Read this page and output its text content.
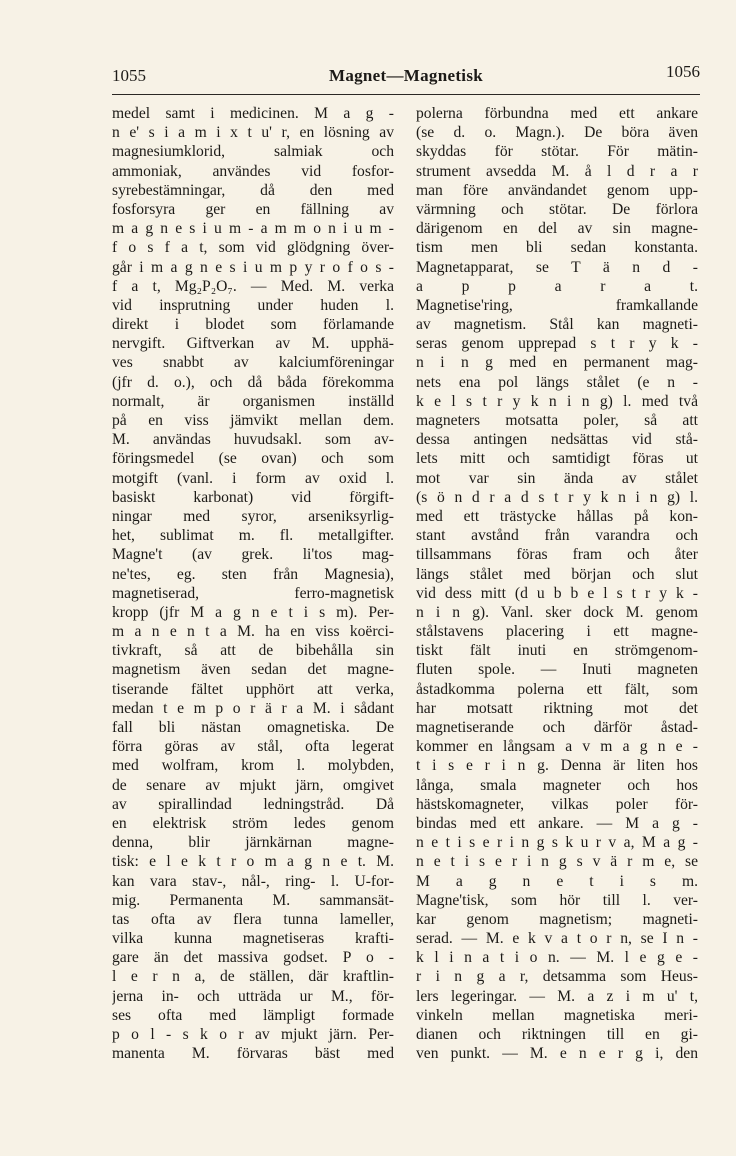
1055	Magnet—Magnetisk	1056
medel samt i medicinen. M a g -
n e' s i a m i x t u' r, en lösning av
magnesiumklorid, salmiak och
ammoniak, användes vid fosfor-
syrebestämningar, då den med
fosforsyra ger en fällning av
m a g n e s i u m - a m m o n i u m -
f o s f a t, som vid glödgning över-
går i m a g n e s i u m p y r o f o s -
f a t, Mg₂P₂O₇. — Med. M. verka
vid insprutning under huden l.
direkt i blodet som förlamande
nervgift. Giftverkan av M. upphä-
ves snabbt av kalciumföreningar
(jfr d. o.), och då båda förekomma
normalt, är organismen inställd
på en viss jämvikt mellan dem.
M. användas huvudsakl. som av-
föringsmedel (se ovan) och som
motgift (vanl. i form av oxid l.
basiskt karbonat) vid förgift-
ningar med syror, arseniksyrlig-
het, sublimat m. fl. metallgifter.
Magne't (av grek. li'tos mag-
ne'tes, eg. sten från Magnesia),
magnetiserad, ferro-magnetisk
kropp (jfr M a g n e t i s m). Per-
m a n e n t a M. ha en viss koërci-
tivkraft, så att de bibehålla sin
magnetism även sedan det magne-
tiserande fältet upphört att verka,
medan t e m p o r ä r a M. i sådant
fall bli nästan omagnetiska. De
förra göras av stål, ofta legerat
med wolfram, krom l. molybden,
de senare av mjukt järn, omgivet
av spirallindad ledningstråd. Då
en elektrisk ström ledes genom
denna, blir järnkärnan magne-
tisk: e l e k t r o m a g n e t. M.
kan vara stav-, nål-, ring- l. U-for-
mig. Permanenta M. sammansät-
tas ofta av flera tunna lameller,
vilka kunna magnetiseras krafti-
gare än det massiva godset. P o -
l e r n a, de ställen, där kraftlin-
jerna in- och utträda ur M., för-
ses ofta med lämpligt formade
p o l - s k o r av mjukt järn. Per-
manenta M. förvaras bäst med
polerna förbundna med ett ankare
(se d. o. Magn.). De böra även
skyddas för stötar. För mätin-
strument avsedda M. å l d r a r
man före användandet genom upp-
värmning och stötar. De förlora
därigenom en del av sin magne-
tism men bli sedan konstanta.
Magnetapparat, se T ä n d -
a p p a r a t.
Magnetise'ring, framkallande
av magnetism. Stål kan magneti-
seras genom upprepad s t r y k -
n i n g med en permanent mag-
nets ena pol längs stålet (e n -
k e l s t r y k n i n g) l. med två
magneters motsatta poler, så att
dessa antingen nedsättas vid stå-
lets mitt och samtidigt föras ut
mot var sin ända av stålet
(s ö n d r a d s t r y k n i n g) l.
med ett trästycke hållas på kon-
stant avstånd från varandra och
tillsammans föras fram och åter
längs stålet med början och slut
vid dess mitt (d u b b e l s t r y k -
n i n g). Vanl. sker dock M. genom
stålstavens placering i ett magne-
tiskt fält inuti en strömgenom-
fluten spole. — Inuti magneten
åstadkomma polerna ett fält, som
har motsatt riktning mot det
magnetiserande och därför åstad-
kommer en långsam a v m a g n e -
t i s e r i n g. Denna är liten hos
långa, smala magneter och hos
hästskomagneter, vilkas poler för-
bindas med ett ankare. — M a g -
n e t i s e r i n g s k u r v a, M a g -
n e t i s e r i n g s v ä r m e, se
M a g n e t i s m.
Magne'tisk, som hör till l. ver-
kar genom magnetism; magneti-
serad. — M. e k v a t o r n, se I n -
k l i n a t i o n. — M. l e g e -
r i n g a r, detsamma som Heus-
lers legeringar. — M. a z i m u' t,
vinkeln mellan magnetiska meri-
dianen och riktningen till en gi-
ven punkt. — M. e n e r g i, den
